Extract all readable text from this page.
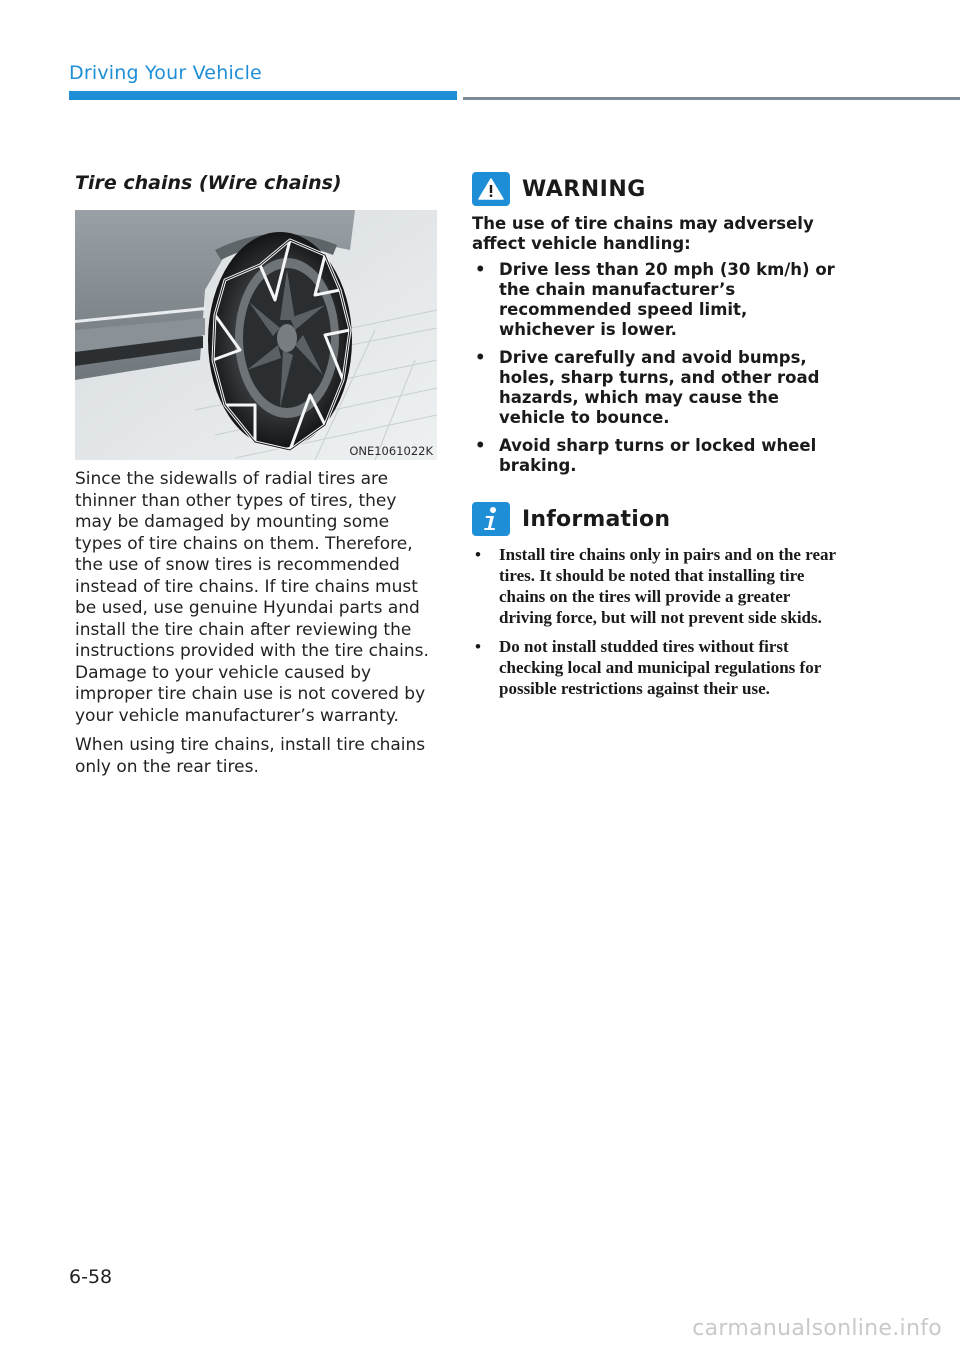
Driving Your Vehicle
Tire chains (Wire chains)
ONE1061022K

Since the sidewalls of radial tires are thinner than other types of tires, they may be damaged by mounting some types of tire chains on them. Therefore, the use of snow tires is recommended instead of tire chains. If tire chains must be used, use genuine Hyundai parts and install the tire chain after reviewing the instructions provided with the tire chains. Damage to your vehicle caused by improper tire chain use is not covered by your vehicle manufacturer’s warranty.

When using tire chains, install tire chains only on the rear tires.

WARNING

The use of tire chains may adversely affect vehicle handling:

• Drive less than 20 mph (30 km/h) or the chain manufacturer’s recommended speed limit, whichever is lower.
• Drive carefully and avoid bumps, holes, sharp turns, and other road hazards, which may cause the vehicle to bounce.
• Avoid sharp turns or locked wheel braking.
Information
• Install tire chains only in pairs and on the rear tires. It should be noted that installing tire chains on the tires will provide a greater driving force, but will not prevent side skids.
• Do not install studded tires without first checking local and municipal regulations for possible restrictions against their use.
6-58
carmanualsonline.info
